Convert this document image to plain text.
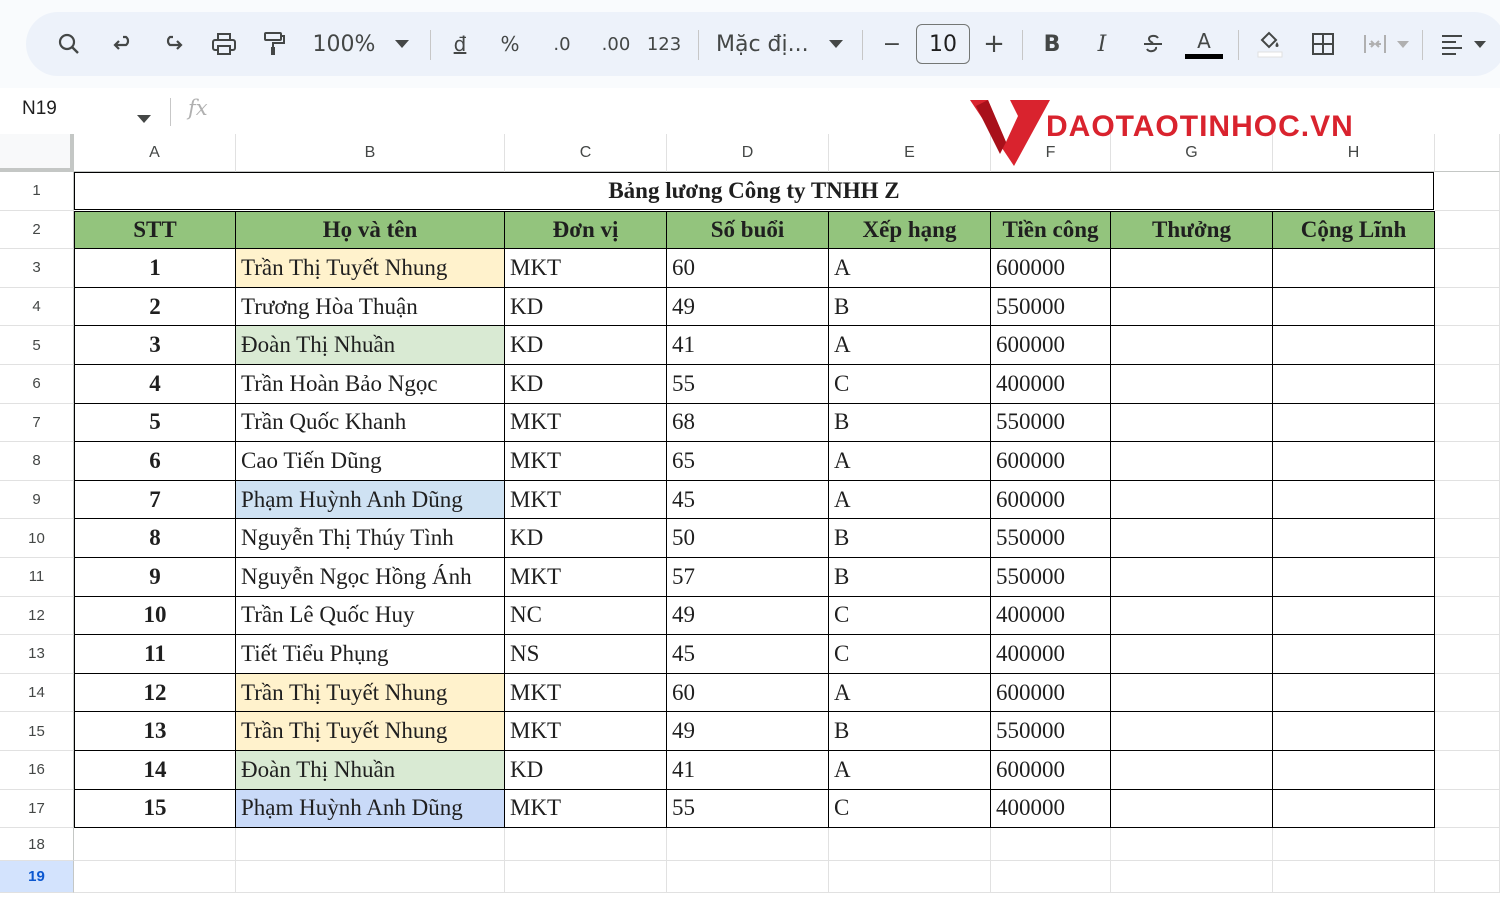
100%	đ	%	.0	.00 123 Mặc đị...	−	10	+ B	I	A
N19	fx
A	B	C	D	E	F	G	H
1
2
3
4
5
6
7
8
9
10
11
12
13
14
15
16
17
18
19
Bảng lương Công ty TNHH Z
STT	Họ và tên	Đơn vị	Số buổi	Xếp hạng	Tiền công	Thưởng	Cộng Lĩnh
1	Trần Thị Tuyết Nhung	MKT	60	A	600000
2	Trương Hòa Thuận	KD	49	B	550000
3	Đoàn Thị Nhuần	KD	41	A	600000
4	Trần Hoàn Bảo Ngọc	KD	55	C	400000
5	Trần Quốc Khanh	MKT	68	B	550000
6	Cao Tiến Dũng	MKT	65	A	600000
7	Phạm Huỳnh Anh Dũng	MKT	45	A	600000
8	Nguyễn Thị Thúy Tình	KD	50	B	550000
9	Nguyễn Ngọc Hồng Ánh	MKT	57	B	550000
10	Trần Lê Quốc Huy	NC	49	C	400000
11	Tiết Tiểu Phụng	NS	45	C	400000
12	Trần Thị Tuyết Nhung	MKT	60	A	600000
13	Trần Thị Tuyết Nhung	MKT	49	B	550000
14	Đoàn Thị Nhuần	KD	41	A	600000
15	Phạm Huỳnh Anh Dũng	MKT	55	C	400000
DAOTAOTINHOC.VN
